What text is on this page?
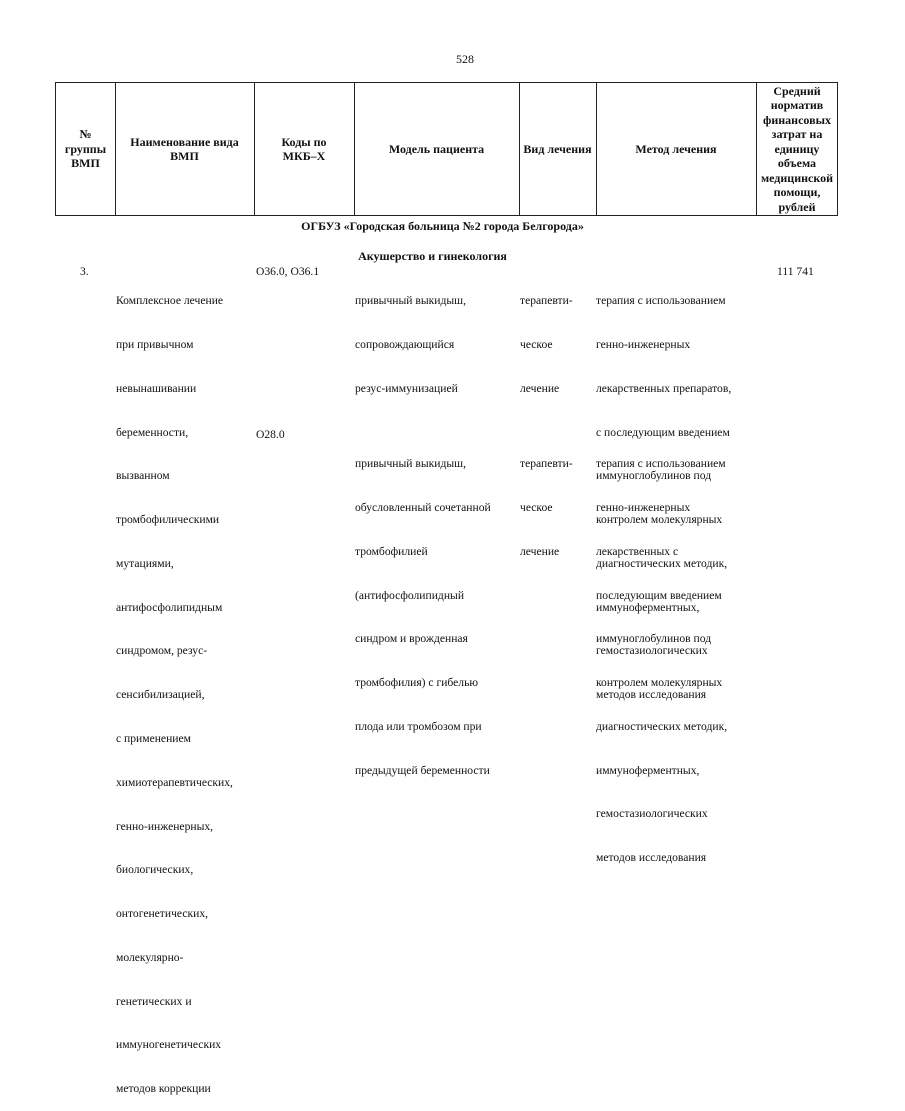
528
№
группы
ВМП
Наименование вида
ВМП
Коды по
МКБ–Х
Модель пациента	Вид лечения	Метод лечения
Средний
норматив
финансовых
затрат на
единицу
объема
медицинской
помощи,
рублей
ОГБУЗ «Городская больница №2 города Белгорода»
Акушерство и гинекология
3.

Комплексное лечение

при привычном

невынашивании

беременности,

вызванном

тромбофилическими

мутациями,

антифосфолипидным

синдромом, резус-

сенсибилизацией,

с применением

химиотерапевтических,

генно-инженерных,

биологических,

онтогенетических,

молекулярно-

генетических и

иммуногенетических

методов коррекции

O36.0, O36.1

привычный выкидыш,

сопровождающийся

резус-иммунизацией

терапевти-

ческое

лечение

терапия с использованием

генно-инженерных

лекарственных препаратов,

с последующим введением

иммуноглобулинов под

контролем молекулярных

диагностических методик,

иммуноферментных,

гемостазиологических

методов исследования

111 741
O28.0

привычный выкидыш,

обусловленный сочетанной

тромбофилией

(антифосфолипидный

синдром и врожденная

тромбофилия) с гибелью

плода или тромбозом при

предыдущей беременности

терапевти-

ческое

лечение

терапия с использованием

генно-инженерных

лекарственных с

последующим введением

иммуноглобулинов под

контролем молекулярных

диагностических методик,

иммуноферментных,

гемостазиологических

методов исследования
